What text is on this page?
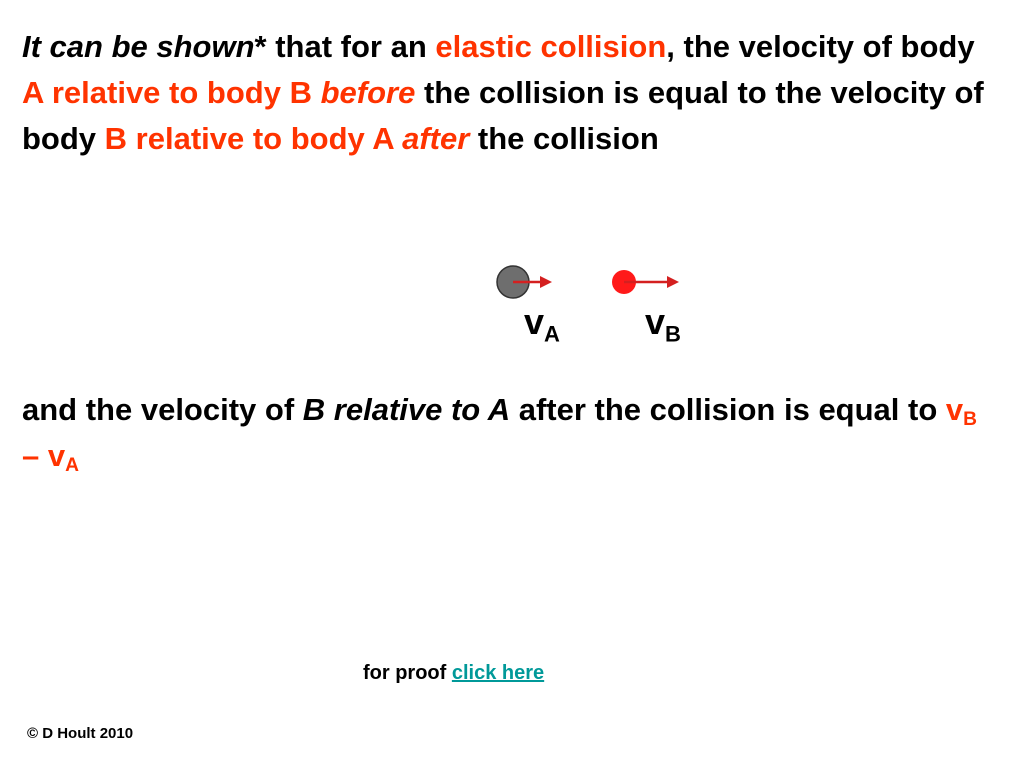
It can be shown* that for an elastic collision, the velocity of body A relative to body B before the collision is equal to the velocity of body B relative to body A after the collision
$v_A$ $v_B$
and the velocity of B relative to A after the collision is equal to $v_B - v_A$
for proof click here
© D Hoult 2010
